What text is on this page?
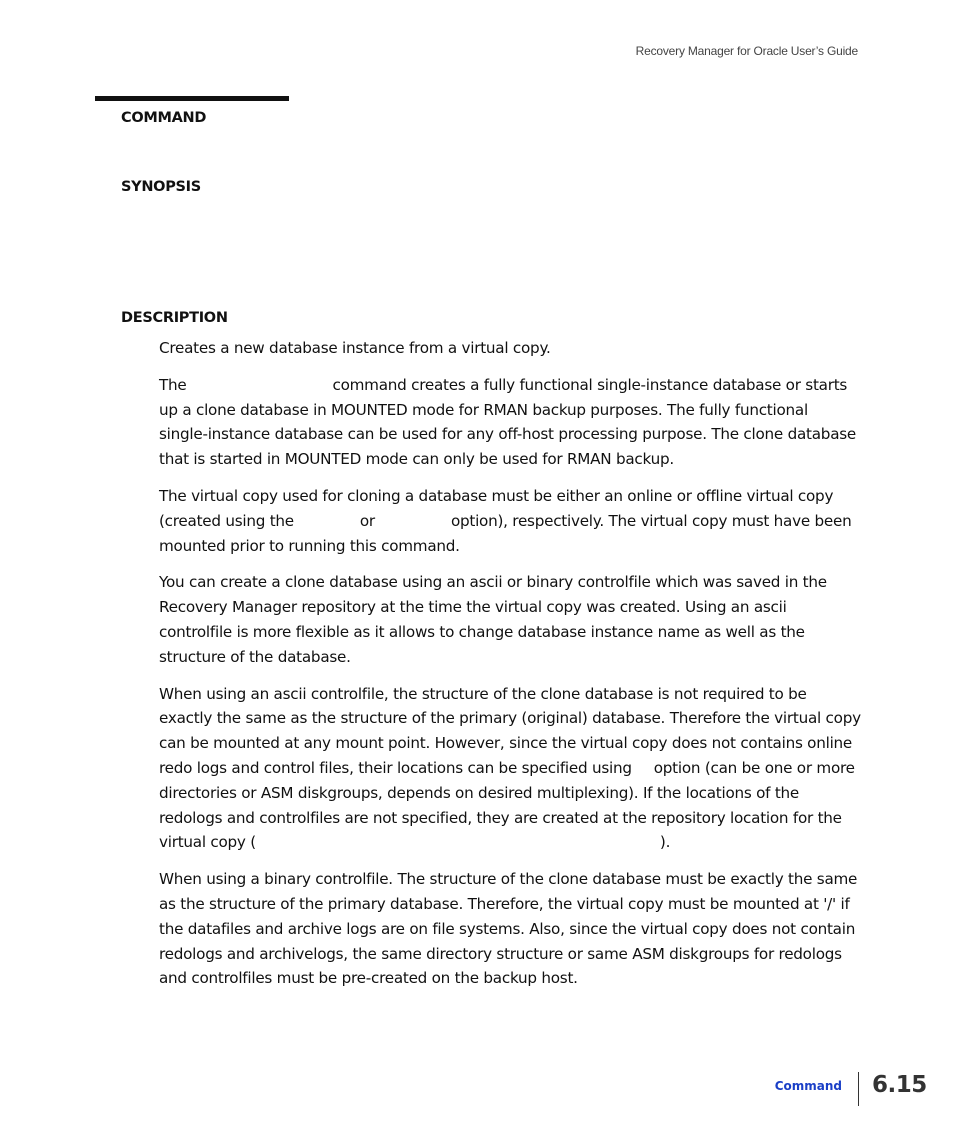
Recovery Manager for Oracle User’s Guide
COMMAND
SYNOPSIS
DESCRIPTION

Creates a new database instance from a virtual copy.

The	command creates a fully functional single-instance database or starts
up a clone database in MOUNTED mode for RMAN backup purposes. The fully functional
single-instance database can be used for any off-host processing purpose. The clone database
that is started in MOUNTED mode can only be used for RMAN backup.

The virtual copy used for cloning a database must be either an online or offline virtual copy
(created using the	or	option), respectively. The virtual copy must have been
mounted prior to running this command.

You can create a clone database using an ascii or binary controlfile which was saved in the
Recovery Manager repository at the time the virtual copy was created. Using an ascii
controlfile is more flexible as it allows to change database instance name as well as the
structure of the database.

When using an ascii controlfile, the structure of the clone database is not required to be
exactly the same as the structure of the primary (original) database. Therefore the virtual copy
can be mounted at any mount point. However, since the virtual copy does not contains online
redo logs and control files, their locations can be specified using option (can be one or more
directories or ASM diskgroups, depends on desired multiplexing). If the locations of the
redologs and controlfiles are not specified, they are created at the repository location for the
virtual copy (	).

When using a binary controlfile. The structure of the clone database must be exactly the same
as the structure of the primary database. Therefore, the virtual copy must be mounted at '/' if
the datafiles and archive logs are on file systems. Also, since the virtual copy does not contain
redologs and archivelogs, the same directory structure or same ASM diskgroups for redologs
and controlfiles must be pre-created on the backup host.

Command 6.15
